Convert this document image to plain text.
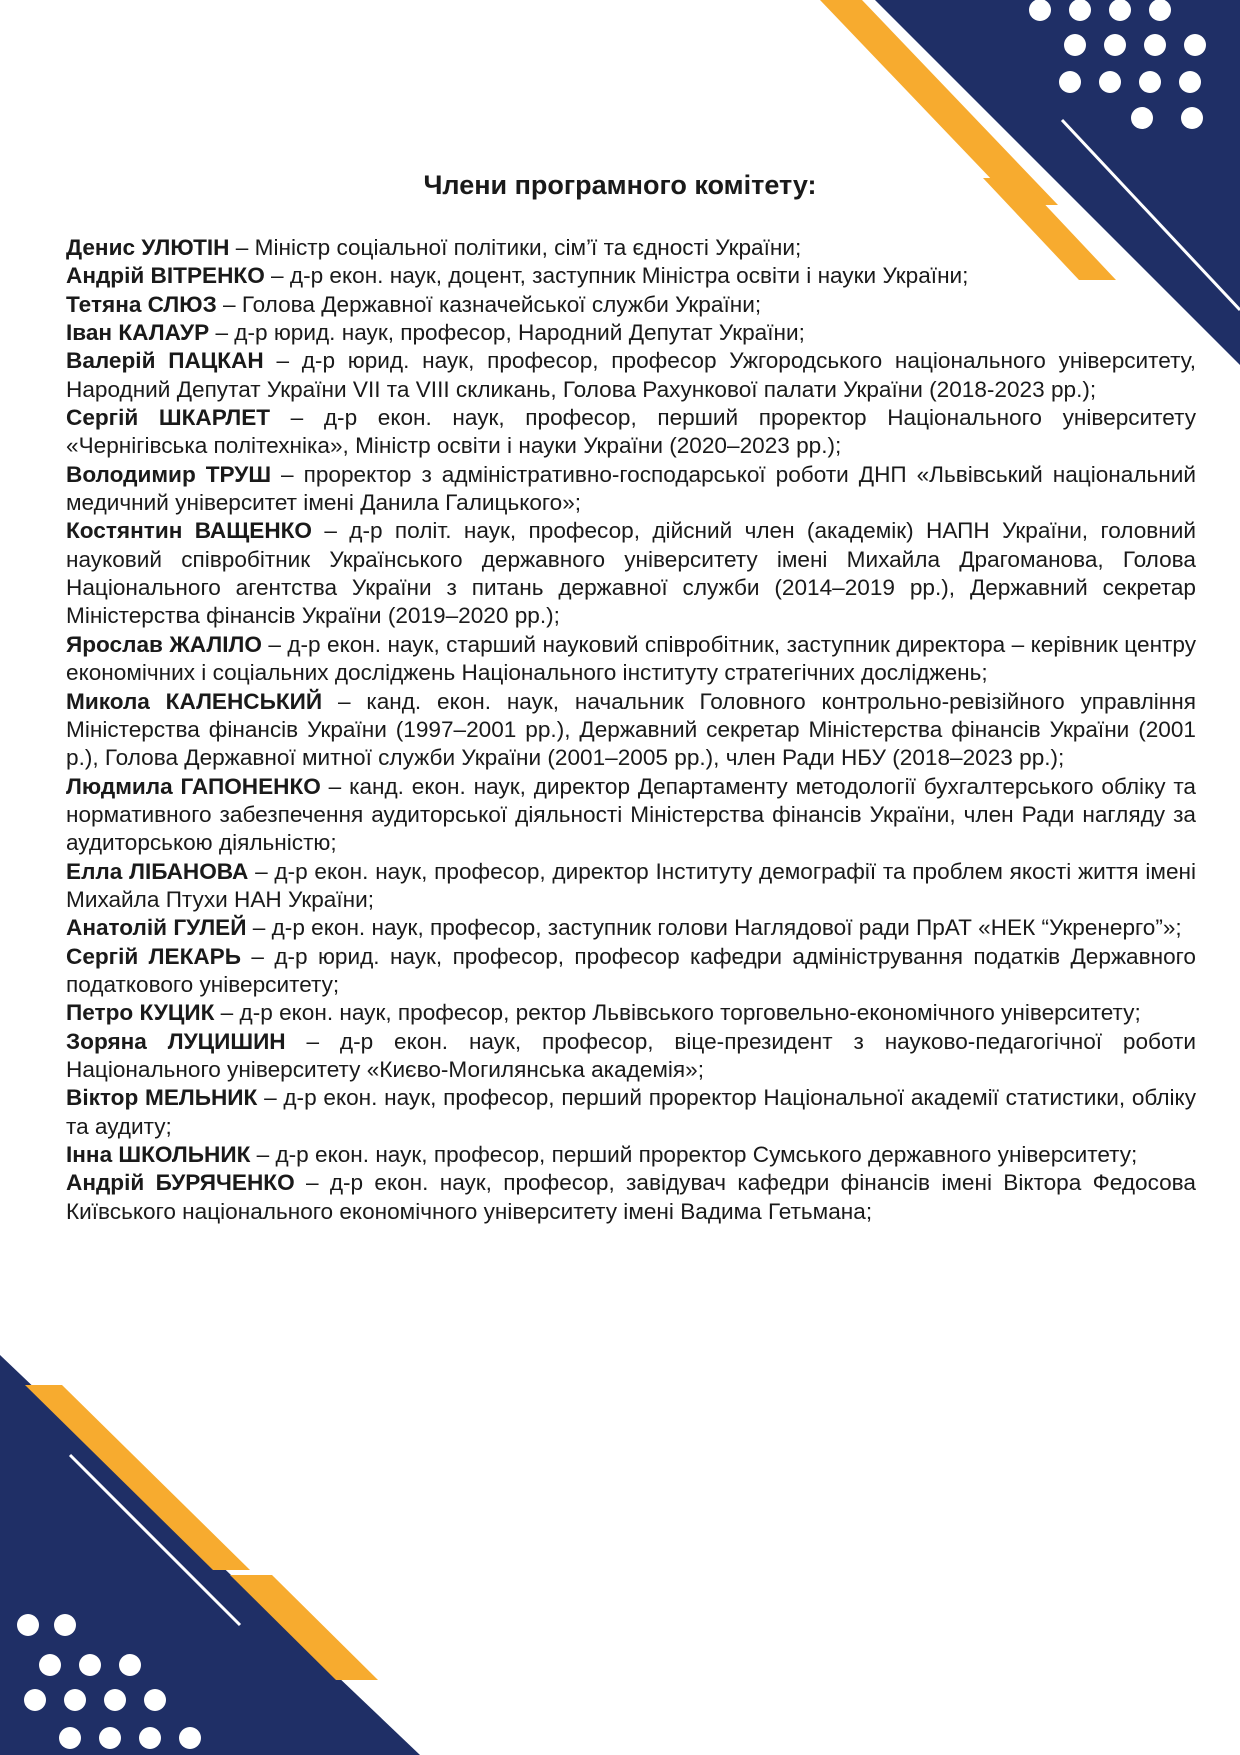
Члени програмного комітету:
Денис УЛЮТІН – Міністр соціальної політики, сім’ї та єдності України;
Андрій ВІТРЕНКО – д-р екон. наук, доцент, заступник Міністра освіти і науки України;
Тетяна СЛЮЗ – Голова Державної казначейської служби України;
Іван КАЛАУР – д-р юрид. наук, професор, Народний Депутат України;
Валерій ПАЦКАН – д-р юрид. наук, професор, професор Ужгородського національного університету, Народний Депутат України VII та VIII скликань, Голова Рахункової палати України (2018-2023 рр.);
Сергій ШКАРЛЕТ – д-р екон. наук, професор, перший проректор Національного університету «Чернігівська політехніка», Міністр освіти і науки України (2020–2023 рр.);
Володимир ТРУШ – проректор з адміністративно-господарської роботи ДНП «Львівський національний медичний університет імені Данила Галицького»;
Костянтин ВАЩЕНКО – д-р політ. наук, професор, дійсний член (академік) НАПН України, головний науковий співробітник Українського державного університету імені Михайла Драгоманова, Голова Національного агентства України з питань державної служби (2014–2019 рр.), Державний секретар Міністерства фінансів України (2019–2020 рр.);
Ярослав ЖАЛІЛО – д-р екон. наук, старший науковий співробітник, заступник директора – керівник центру економічних і соціальних досліджень Національного інституту стратегічних досліджень;
Микола КАЛЕНСЬКИЙ – канд. екон. наук, начальник Головного контрольно-ревізійного управління Міністерства фінансів України (1997–2001 рр.), Державний секретар Міністерства фінансів України (2001 р.), Голова Державної митної служби України (2001–2005 рр.), член Ради НБУ (2018–2023 рр.);
Людмила ГАПОНЕНКО – канд. екон. наук, директор Департаменту методології бухгалтерського обліку та нормативного забезпечення аудиторської діяльності Міністерства фінансів України, член Ради нагляду за аудиторською діяльністю;
Елла ЛІБАНОВА – д-р екон. наук, професор, директор Інституту демографії та проблем якості життя імені Михайла Птухи НАН України;
Анатолій ГУЛЕЙ – д-р екон. наук, професор, заступник голови Наглядової ради ПрАТ «НЕК “Укренерго”»;
Сергій ЛЕКАРЬ – д-р юрид. наук, професор, професор кафедри адміністрування податків Державного податкового університету;
Петро КУЦИК – д-р екон. наук, професор, ректор Львівського торговельно-економічного університету;
Зоряна ЛУЦИШИН – д-р екон. наук, професор, віце-президент з науково-педагогічної роботи Національного університету «Києво-Могилянська академія»;
Віктор МЕЛЬНИК – д-р екон. наук, професор, перший проректор Національної академії статистики, обліку та аудиту;
Інна ШКОЛЬНИК – д-р екон. наук, професор, перший проректор Сумського державного університету;
Андрій БУРЯЧЕНКО – д-р екон. наук, професор, завідувач кафедри фінансів імені Віктора Федосова Київського національного економічного університету імені Вадима Гетьмана;
